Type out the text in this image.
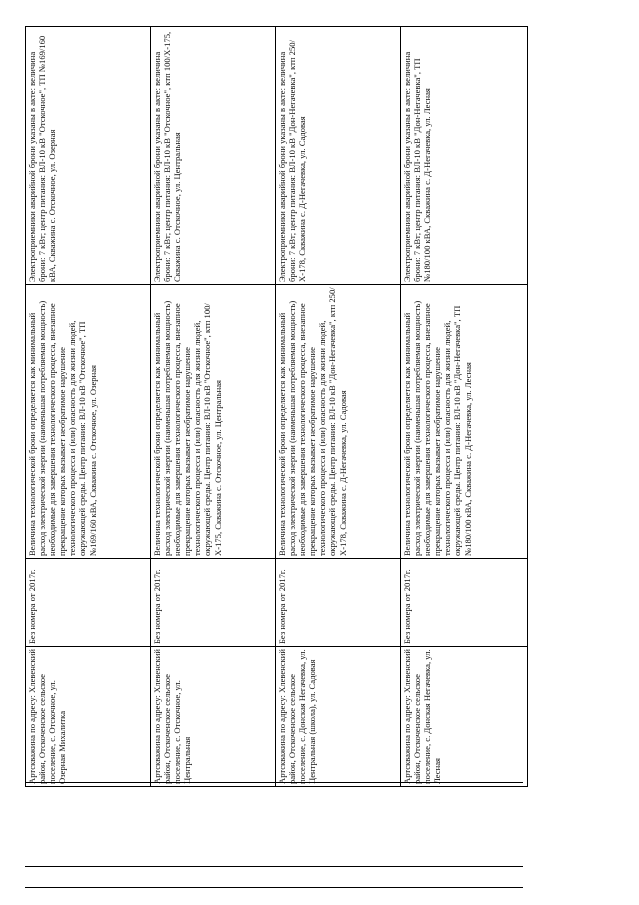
Артскважина по адресу: Хлевенский район, Отскоченское сельское поселение, с. Отскочное, ул. Озерная Михалитка	Без номера от 2017г.	Величина технологической брони определяется как минимальный расход электрической энергии (наименьшая потребляемая мощность) необходимые для завершения технологического процесса, внезапное прекращение которых вызывает необратимое нарушение технологического процесса и (или) опасность для жизни людей, окружающей среды. Центр питания: ВЛ-10 кВ "Отскочное", ТП №169/160 кВА, Скважина с. Отскочное, ул. Озерная	Электроприемники аварийной брони указаны в акте: величина брони: 7 кВт; центр питания: ВЛ-10 кВ "Отскочное", ТП №169/160 кВА, Скважина с. Отскочное, ул. Озерная
Артскважина по адресу: Хлевенский район, Отскоченское сельское поселение, с. Отскочное, ул. Центральная	Без номера от 2017г.	Величина технологической брони определяется как минимальный расход электрической энергии (наименьшая потребляемая мощность) необходимые для завершения технологического процесса, внезапное прекращение которых вызывает необратимое нарушение технологического процесса и (или) опасность для жизни людей, окружающей среды. Центр питания: ВЛ-10 кВ "Отскочное", ктп 100/Х-175, Скважина с. Отскочное, ул. Центральная	Электроприемники аварийной брони указаны в акте: величина брони: 7 кВт; центр питания: ВЛ-10 кВ "Отскочное", ктп 100/Х-175, Скважина с. Отскочное, ул. Центральная
Артскважина по адресу: Хлевенский район, Отскоченское сельское поселение, с. Донская Негачевка, ул. Центральная (школа), ул. Садовая	Без номера от 2017г.	Величина технологической брони определяется как минимальный расход электрической энергии (наименьшая потребляемая мощность) необходимые для завершения технологического процесса, внезапное прекращение которых вызывает необратимое нарушение технологического процесса и (или) опасность для жизни людей, окружающей среды. Центр питания: ВЛ-10 кВ "Дон-Негачевка", ктп 250/Х-178, Скважина с. Д-Негачевка, ул. Садовая	Электроприемники аварийной брони указаны в акте: величина брони: 7 кВт; центр питания: ВЛ-10 кВ "Дон-Негачевка", ктп 250/Х-178, Скважина с. Д-Негачевка, ул. Садовая
Артскважина по адресу: Хлевенский район, Отскоченское сельское поселение, с. Донская Негачевка, ул. Лесная	Без номера от 2017г.	Величина технологической брони определяется как минимальный расход электрической энергии (наименьшая потребляемая мощность) необходимые для завершения технологического процесса, внезапное прекращение которых вызывает необратимое нарушение технологического процесса и (или) опасность для жизни людей, окружающей среды. Центр питания: ВЛ-10 кВ "Дон-Негачевка", ТП №180/100 кВА, Скважина с. Д-Негачевка, ул. Лесная	Электроприемники аварийной брони указаны в акте: величина брони: 7 кВт; центр питания: ВЛ-10 кВ "Дон-Негачевка", ТП №180/100 кВА, Скважина с. Д-Негачевка, ул. Лесная
